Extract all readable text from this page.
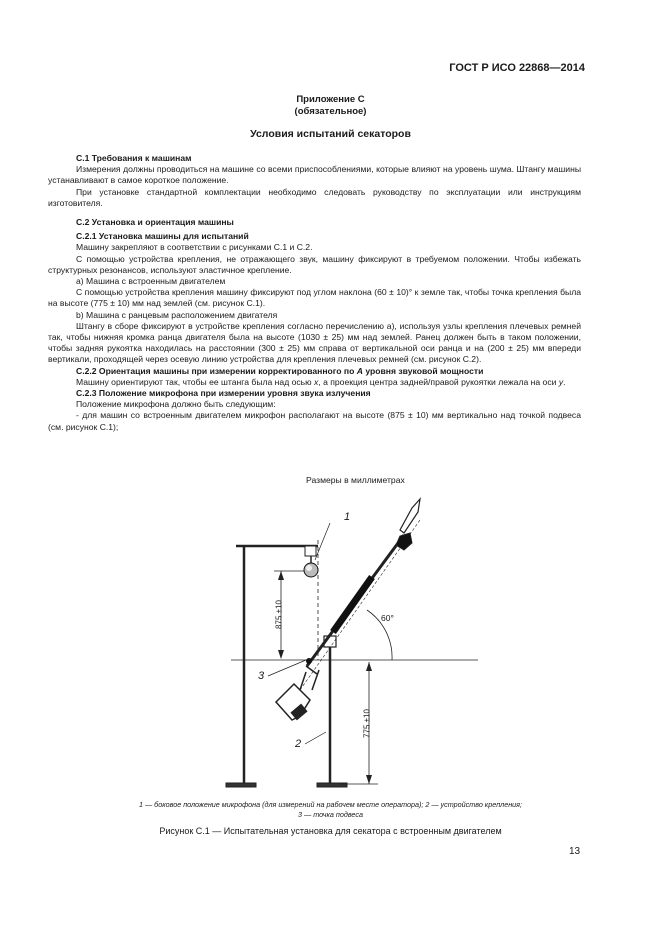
ГОСТ Р ИСО 22868—2014
Приложение С
(обязательное)
Условия испытаний секаторов

С.1 Требования к машинам

Измерения должны проводиться на машине со всеми приспособлениями, которые влияют на уровень шума. Штангу машины устанавливают в самое короткое положение.

При установке стандартной комплектации необходимо следовать руководству по эксплуатации или инструкциям изготовителя.

С.2 Установка и ориентация машины

С.2.1 Установка машины для испытаний

Машину закрепляют в соответствии с рисунками С.1 и С.2.

С помощью устройства крепления, не отражающего звук, машину фиксируют в требуемом положении. Чтобы избежать структурных резонансов, используют эластичное крепление.

а) Машина с встроенным двигателем

С помощью устройства крепления машину фиксируют под углом наклона (60 ± 10)° к земле так, чтобы точка крепления была на высоте (775 ± 10) мм над землей (см. рисунок С.1).

b) Машина с ранцевым расположением двигателя

Штангу в сборе фиксируют в устройстве крепления согласно перечислению а), используя узлы крепления плечевых ремней так, чтобы нижняя кромка ранца двигателя была на высоте (1030 ± 25) мм над землей. Ранец должен быть в таком положении, чтобы задняя рукоятка находилась на расстоянии (300 ± 25) мм справа от вертикальной оси ранца и на (200 ± 25) мм впереди вертикали, проходящей через осевую линию устройства для крепления плечевых ремней (см. рисунок С.2).

С.2.2 Ориентация машины при измерении корректированного по А уровня звуковой мощности

Машину ориентируют так, чтобы ее штанга была над осью x, а проекция центра задней/правой рукоятки лежала на оси y.

С.2.3 Положение микрофона при измерении уровня звука излучения

Положение микрофона должно быть следующим:

- для машин со встроенным двигателем микрофон располагают на высоте (875 ± 10) мм вертикально над точкой подвеса (см. рисунок С.1);

Размеры в миллиметрах
1
3
2
60°
875 ±10
775 ±10
1 — боковое положение микрофона (для измерений на рабочем месте оператора); 2 — устройство крепления;
3 — точка подвеса
Рисунок С.1 — Испытательная установка для секатора с встроенным двигателем
13
